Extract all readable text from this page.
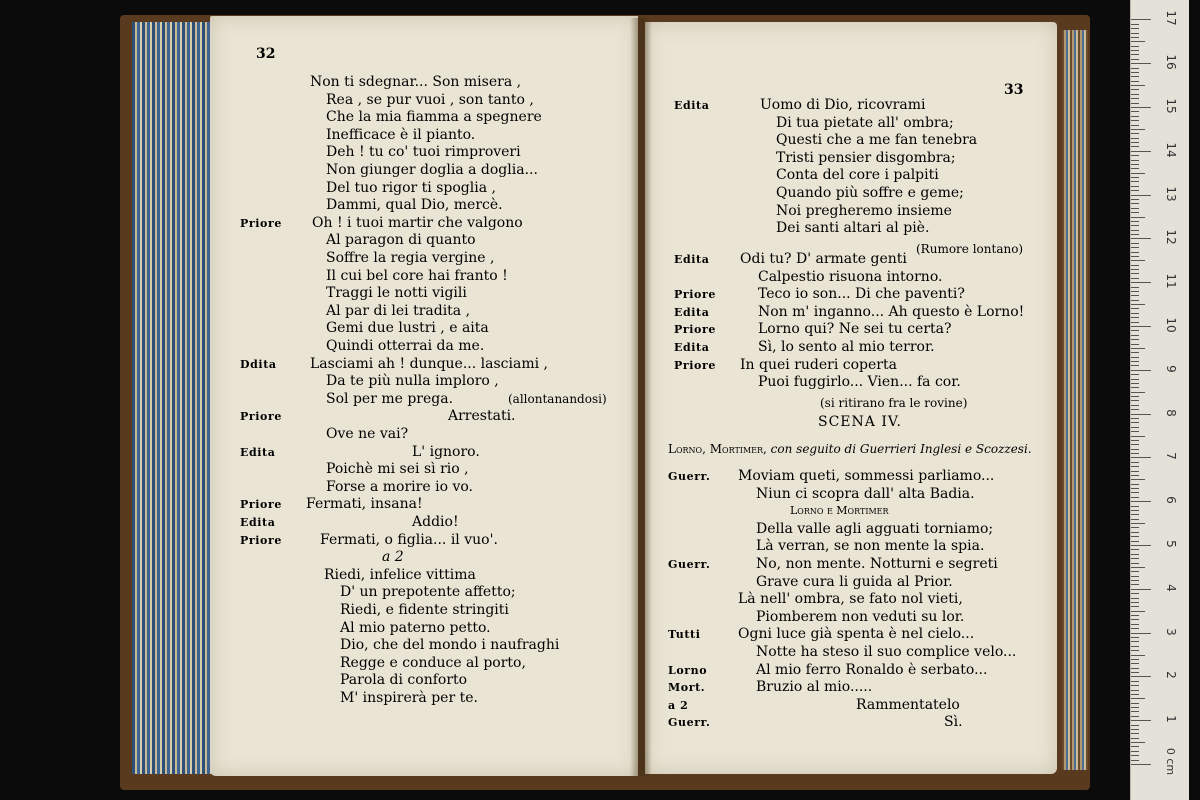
32
33
Non ti sdegnar... Son misera ,
Rea , se pur vuoi , son tanto ,
Che la mia fiamma a spegnere
Inefficace è il pianto.
Deh ! tu co' tuoi rimproveri
Non giunger doglia a doglia...
Del tuo rigor ti spoglia ,
Dammi, qual Dio, mercè.
Priore Oh ! i tuoi martir che valgono
Al paragon di quanto
Soffre la regia vergine ,
Il cui bel core hai franto !
Traggi le notti vigili
Al par di lei tradita ,
Gemi due lustri , e aita
Quindi otterrai da me.
Ddita Lasciami ah ! dunque... lasciami ,
Da te più nulla imploro ,
Sol per me prega.
Priore	Arrestati.
Ove ne vai?
Edita	L' ignoro.
Poichè mi sei sì rio ,
Forse a morire io vo.
Priore Fermati, insana!
Edita	Addio!
Priore	Fermati, o figlia... il vuo'.
a 2
Riedi, infelice vittima
D' un prepotente affetto;
Riedi, e fidente stringiti
Al mio paterno petto.
Dio, che del mondo i naufraghi
Regge e conduce al porto,
Parola di conforto
M' inspirerà per te.
(allontanandosi)
Edita	Uomo di Dio, ricovrami
Di tua pietate all' ombra;
Questi che a me fan tenebra
Tristi pensier disgombra;
Conta del core i palpiti
Quando più soffre e geme;
Noi pregheremo insieme
Dei santi altari al piè.
(Rumore lontano)
Edita Odi tu? D' armate genti
Calpestio risuona intorno.
Priore	Teco io son... Di che paventi?
Edita	Non m' inganno... Ah questo è Lorno!
Priore	Lorno qui? Ne sei tu certa?
Edita	Sì, lo sento al mio terror.
Priore In quei ruderi coperta
Puoi fuggirlo... Vien... fa cor.
(si ritirano fra le rovine)
SCENA IV.
Lorno, Mortimer, con seguito di Guerrieri Inglesi e Scozzesi.
Guerr. Moviam queti, sommessi parliamo...
Niun ci scopra dall' alta Badia.
Lorno e Mortimer
Della valle agli agguati torniamo;
Là verran, se non mente la spia.
Guerr.	No, non mente. Notturni e segreti
Grave cura li guida al Prior.
Là nell' ombra, se fato nol vieti,
Piomberem non veduti su lor.
Tutti	Ogni luce già spenta è nel cielo...
Notte ha steso il suo complice velo...
Lorno	Al mio ferro Ronaldo è serbato...
Mort.	Bruzio al mio.....
a 2	Rammentatelo
Guerr.	Sì.
17
16
15
14
13
12
11
10
9
8
7
6
5
4
3
2
1
0 cm
